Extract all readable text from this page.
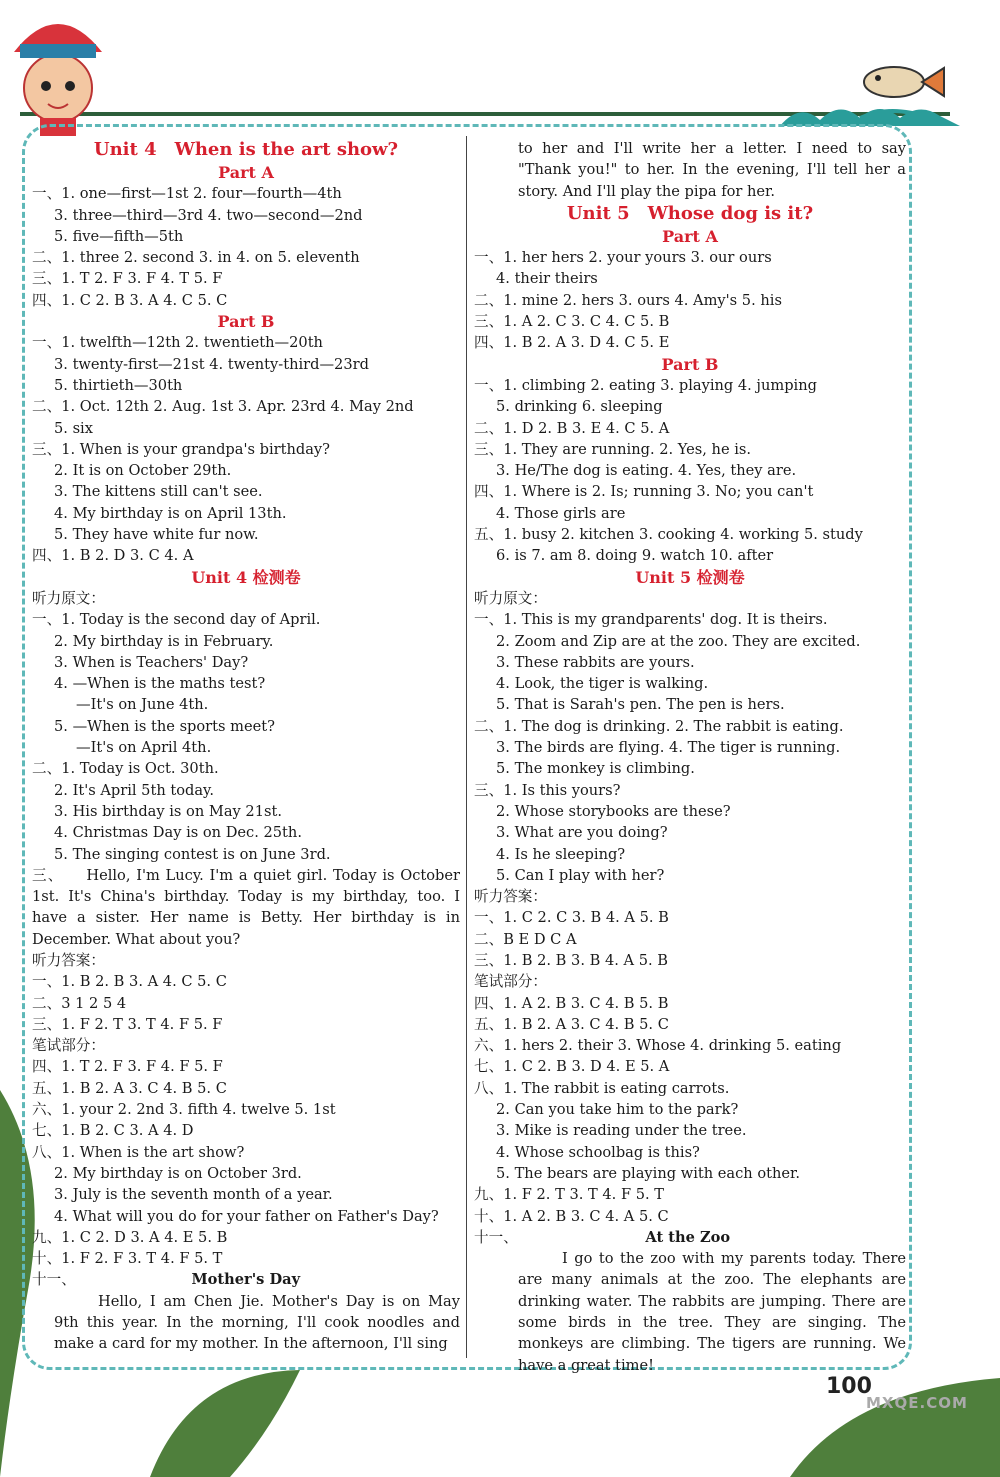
Unit 4 When is the art show?
Part A
一、1. one—first—1st 2. four—fourth—4th
3. three—third—3rd 4. two—second—2nd
5. five—fifth—5th
二、1. three 2. second 3. in 4. on 5. eleventh
三、1. T 2. F 3. F 4. T 5. F
四、1. C 2. B 3. A 4. C 5. C
Part B
一、1. twelfth—12th 2. twentieth—20th
3. twenty-first—21st 4. twenty-third—23rd
5. thirtieth—30th
二、1. Oct. 12th 2. Aug. 1st 3. Apr. 23rd 4. May 2nd
5. six
三、1. When is your grandpa's birthday?
2. It is on October 29th.
3. The kittens still can't see.
4. My birthday is on April 13th.
5. They have white fur now.
四、1. B 2. D 3. C 4. A
Unit 4 检测卷
听力原文：
一、1. Today is the second day of April.
2. My birthday is in February.
3. When is Teachers' Day?
4. —When is the maths test?
—It's on June 4th.
5. —When is the sports meet?
—It's on April 4th.
二、1. Today is Oct. 30th.
2. It's April 5th today.
3. His birthday is on May 21st.
4. Christmas Day is on Dec. 25th.
5. The singing contest is on June 3rd.
三、 Hello, I'm Lucy. I'm a quiet girl. Today is October 1st. It's China's birthday. Today is my birthday, too. I have a sister. Her name is Betty. Her birthday is in December. What about you?
听力答案：
一、1. B 2. B 3. A 4. C 5. C
二、3 1 2 5 4
三、1. F 2. T 3. T 4. F 5. F
笔试部分：
四、1. T 2. F 3. F 4. F 5. F
五、1. B 2. A 3. C 4. B 5. C
六、1. your 2. 2nd 3. fifth 4. twelve 5. 1st
七、1. B 2. C 3. A 4. D
八、1. When is the art show?
2. My birthday is on October 3rd.
3. July is the seventh month of a year.
4. What will you do for your father on Father's Day?
九、1. C 2. D 3. A 4. E 5. B
十、1. F 2. F 3. T 4. F 5. T
十一、	Mother's Day
Hello, I am Chen Jie. Mother's Day is on May 9th this year. In the morning, I'll cook noodles and make a card for my mother. In the afternoon, I'll sing
to her and I'll write her a letter. I need to say "Thank you!" to her. In the evening, I'll tell her a story. And I'll play the pipa for her.
Unit 5 Whose dog is it?
Part A
一、1. her hers 2. your yours 3. our ours
4. their theirs
二、1. mine 2. hers 3. ours 4. Amy's 5. his
三、1. A 2. C 3. C 4. C 5. B
四、1. B 2. A 3. D 4. C 5. E
Part B
一、1. climbing 2. eating 3. playing 4. jumping
5. drinking 6. sleeping
二、1. D 2. B 3. E 4. C 5. A
三、1. They are running. 2. Yes, he is.
3. He/The dog is eating. 4. Yes, they are.
四、1. Where is 2. Is; running 3. No; you can't
4. Those girls are
五、1. busy 2. kitchen 3. cooking 4. working 5. study
6. is 7. am 8. doing 9. watch 10. after
Unit 5 检测卷
听力原文：
一、1. This is my grandparents' dog. It is theirs.
2. Zoom and Zip are at the zoo. They are excited.
3. These rabbits are yours.
4. Look, the tiger is walking.
5. That is Sarah's pen. The pen is hers.
二、1. The dog is drinking. 2. The rabbit is eating.
3. The birds are flying. 4. The tiger is running.
5. The monkey is climbing.
三、1. Is this yours?
2. Whose storybooks are these?
3. What are you doing?
4. Is he sleeping?
5. Can I play with her?
听力答案：
一、1. C 2. C 3. B 4. A 5. B
二、B E D C A
三、1. B 2. B 3. B 4. A 5. B
笔试部分：
四、1. A 2. B 3. C 4. B 5. B
五、1. B 2. A 3. C 4. B 5. C
六、1. hers 2. their 3. Whose 4. drinking 5. eating
七、1. C 2. B 3. D 4. E 5. A
八、1. The rabbit is eating carrots.
2. Can you take him to the park?
3. Mike is reading under the tree.
4. Whose schoolbag is this?
5. The bears are playing with each other.
九、1. F 2. T 3. T 4. F 5. T
十、1. A 2. B 3. C 4. A 5. C
十一、	At the Zoo
I go to the zoo with my parents today. There are many animals at the zoo. The elephants are drinking water. The rabbits are jumping. There are some birds in the tree. They are singing. The monkeys are climbing. The tigers are running. We have a great time!
100
MXQE.COM
